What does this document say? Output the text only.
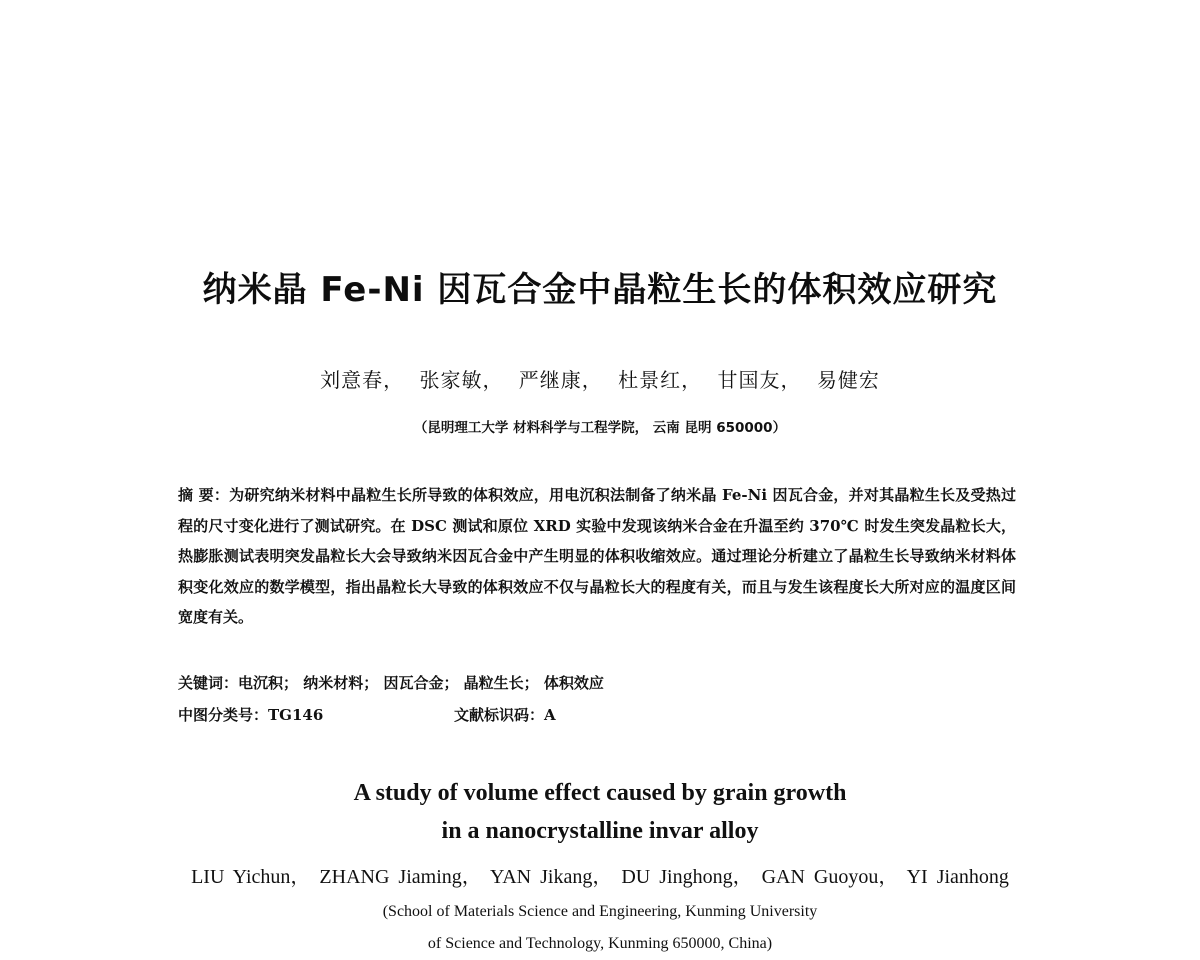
纳米晶 Fe-Ni 因瓦合金中晶粒生长的体积效应研究
刘意春， 张家敏， 严继康， 杜景红， 甘国友， 易健宏
（昆明理工大学 材料科学与工程学院， 云南 昆明 650000）
摘 要：为研究纳米材料中晶粒生长所导致的体积效应，用电沉积法制备了纳米晶 Fe-Ni 因瓦合金，并对其晶粒生长及受热过程的尺寸变化进行了测试研究。在 DSC 测试和原位 XRD 实验中发现该纳米合金在升温至约 370℃ 时发生突发晶粒长大，热膨胀测试表明突发晶粒长大会导致纳米因瓦合金中产生明显的体积收缩效应。通过理论分析建立了晶粒生长导致纳米材料体积变化效应的数学模型，指出晶粒长大导致的体积效应不仅与晶粒长大的程度有关，而且与发生该程度长大所对应的温度区间宽度有关。
关键词：电沉积； 纳米材料； 因瓦合金； 晶粒生长； 体积效应
中图分类号：TG146	文献标识码：A
A study of volume effect caused by grain growth
in a nanocrystalline invar alloy
LIU Yichun， ZHANG Jiaming， YAN Jikang， DU Jinghong， GAN Guoyou， YI Jianhong
(School of Materials Science and Engineering, Kunming University
of Science and Technology, Kunming 650000, China)
